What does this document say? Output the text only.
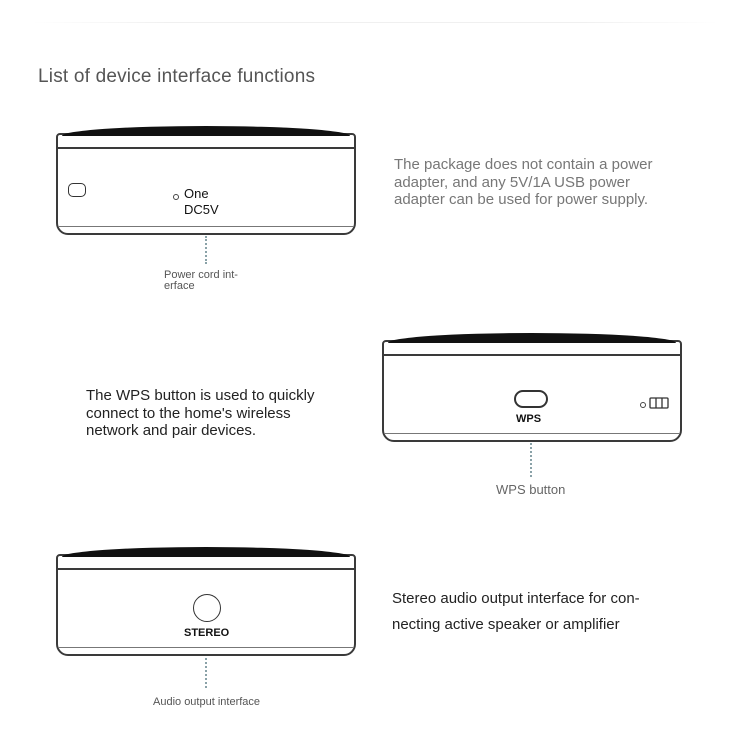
List of device interface functions
One
DC5V
Power cord int-
erface
The package does not contain a power
adapter, and any 5V/1A USB power
adapter can be used for power supply.
The WPS button is used to quickly
connect to the home's wireless
network and pair devices.
WPS
WPS button
STEREO
Audio output interface
Stereo audio output interface for con-
necting active speaker or amplifier
